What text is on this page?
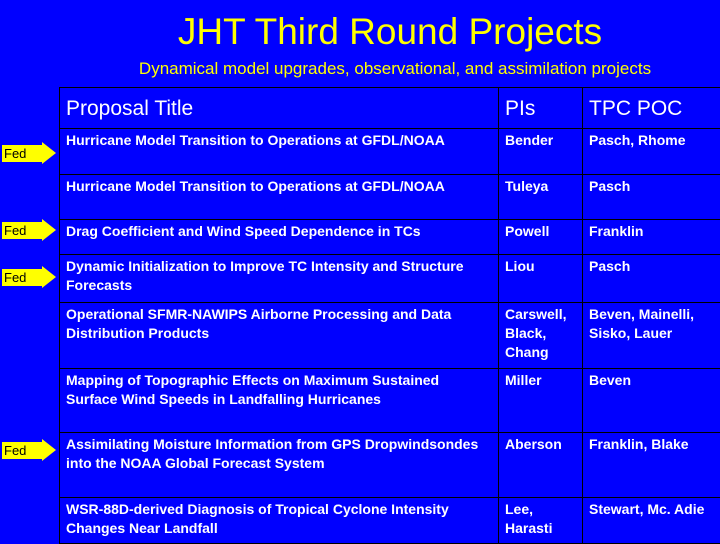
JHT Third Round Projects
Dynamical model upgrades, observational, and assimilation projects
Proposal Title	PIs	TPC POC
Hurricane Model Transition to Operations at GFDL/NOAA	Bender	Pasch, Rhome
Hurricane Model Transition to Operations at GFDL/NOAA	Tuleya	Pasch
Drag Coefficient and Wind Speed Dependence in TCs	Powell	Franklin
Dynamic Initialization to Improve TC Intensity and Structure Forecasts	Liou	Pasch
Operational SFMR-NAWIPS Airborne Processing and Data Distribution Products	Carswell, Black, Chang	Beven, Mainelli, Sisko, Lauer
Mapping of Topographic Effects on Maximum Sustained Surface Wind Speeds in Landfalling Hurricanes	Miller	Beven
Assimilating Moisture Information from GPS Dropwindsondes into the NOAA Global Forecast System	Aberson	Franklin, Blake
WSR-88D-derived Diagnosis of Tropical Cyclone Intensity Changes Near Landfall	Lee, Harasti	Stewart, Mc. Adie
Fed
Fed
Fed
Fed
